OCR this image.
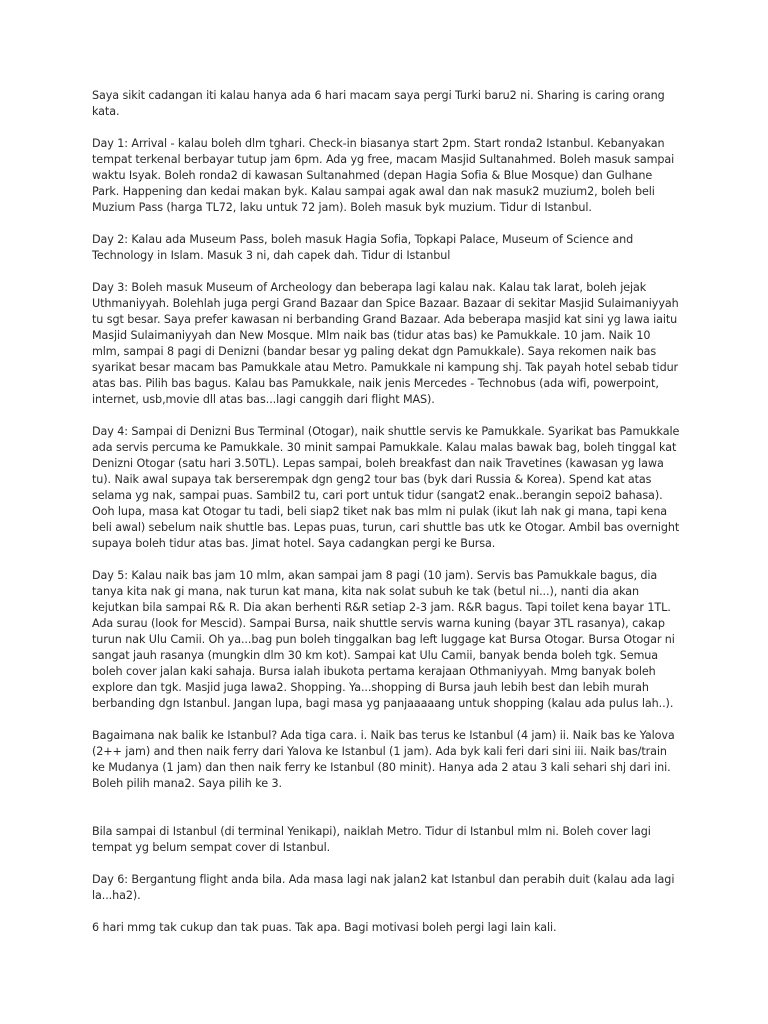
Saya sikit cadangan iti kalau hanya ada 6 hari macam saya pergi Turki baru2 ni. Sharing is caring orang kata.

Day 1: Arrival - kalau boleh dlm tghari. Check-in biasanya start 2pm. Start ronda2 Istanbul. Kebanyakan tempat terkenal berbayar tutup jam 6pm. Ada yg free, macam Masjid Sultanahmed. Boleh masuk sampai waktu Isyak. Boleh ronda2 di kawasan Sultanahmed (depan Hagia Sofia & Blue Mosque) dan Gulhane Park. Happening dan kedai makan byk. Kalau sampai agak awal dan nak masuk2 muzium2, boleh beli Muzium Pass (harga TL72, laku untuk 72 jam). Boleh masuk byk muzium. Tidur di Istanbul.

Day 2: Kalau ada Museum Pass, boleh masuk Hagia Sofia, Topkapi Palace, Museum of Science and Technology in Islam. Masuk 3 ni, dah capek dah. Tidur di Istanbul

Day 3: Boleh masuk Museum of Archeology dan beberapa lagi kalau nak. Kalau tak larat, boleh jejak Uthmaniyyah. Bolehlah juga pergi Grand Bazaar dan Spice Bazaar. Bazaar di sekitar Masjid Sulaimaniyyah tu sgt besar. Saya prefer kawasan ni berbanding Grand Bazaar. Ada beberapa masjid kat sini yg lawa iaitu Masjid Sulaimaniyyah dan New Mosque. Mlm naik bas (tidur atas bas) ke Pamukkale. 10 jam. Naik 10 mlm, sampai 8 pagi di Denizni (bandar besar yg paling dekat dgn Pamukkale). Saya rekomen naik bas syarikat besar macam bas Pamukkale atau Metro. Pamukkale ni kampung shj. Tak payah hotel sebab tidur atas bas. Pilih bas bagus. Kalau bas Pamukkale, naik jenis Mercedes - Technobus (ada wifi, powerpoint, internet, usb,movie dll atas bas...lagi canggih dari flight MAS).

Day 4: Sampai di Denizni Bus Terminal (Otogar), naik shuttle servis ke Pamukkale. Syarikat bas Pamukkale ada servis percuma ke Pamukkale. 30 minit sampai Pamukkale. Kalau malas bawak bag, boleh tinggal kat Denizni Otogar (satu hari 3.50TL). Lepas sampai, boleh breakfast dan naik Travetines (kawasan yg lawa tu). Naik awal supaya tak berserempak dgn geng2 tour bas (byk dari Russia & Korea). Spend kat atas selama yg nak, sampai puas. Sambil2 tu, cari port untuk tidur (sangat2 enak..berangin sepoi2 bahasa). Ooh lupa, masa kat Otogar tu tadi, beli siap2 tiket nak bas mlm ni pulak (ikut lah nak gi mana, tapi kena beli awal) sebelum naik shuttle bas. Lepas puas, turun, cari shuttle bas utk ke Otogar. Ambil bas overnight supaya boleh tidur atas bas. Jimat hotel. Saya cadangkan pergi ke Bursa.

Day 5: Kalau naik bas jam 10 mlm, akan sampai jam 8 pagi (10 jam). Servis bas Pamukkale bagus, dia tanya kita nak gi mana, nak turun kat mana, kita nak solat subuh ke tak (betul ni...), nanti dia akan kejutkan bila sampai R& R. Dia akan berhenti R&R setiap 2-3 jam. R&R bagus. Tapi toilet kena bayar 1TL. Ada surau (look for Mescid). Sampai Bursa, naik shuttle servis warna kuning (bayar 3TL rasanya), cakap turun nak Ulu Camii. Oh ya...bag pun boleh tinggalkan bag left luggage kat Bursa Otogar. Bursa Otogar ni sangat jauh rasanya (mungkin dlm 30 km kot). Sampai kat Ulu Camii, banyak benda boleh tgk. Semua boleh cover jalan kaki sahaja. Bursa ialah ibukota pertama kerajaan Othmaniyyah. Mmg banyak boleh explore dan tgk. Masjid juga lawa2. Shopping. Ya...shopping di Bursa jauh lebih best dan lebih murah berbanding dgn Istanbul. Jangan lupa, bagi masa yg panjaaaaang untuk shopping (kalau ada pulus lah..).

Bagaimana nak balik ke Istanbul? Ada tiga cara. i. Naik bas terus ke Istanbul (4 jam) ii. Naik bas ke Yalova (2++ jam) and then naik ferry dari Yalova ke Istanbul (1 jam). Ada byk kali feri dari sini iii. Naik bas/train ke Mudanya (1 jam) dan then naik ferry ke Istanbul (80 minit). Hanya ada 2 atau 3 kali sehari shj dari ini. Boleh pilih mana2. Saya pilih ke 3.

Bila sampai di Istanbul (di terminal Yenikapi), naiklah Metro. Tidur di Istanbul mlm ni. Boleh cover lagi tempat yg belum sempat cover di Istanbul.

Day 6: Bergantung flight anda bila. Ada masa lagi nak jalan2 kat Istanbul dan perabih duit (kalau ada lagi la...ha2).

6 hari mmg tak cukup dan tak puas. Tak apa. Bagi motivasi boleh pergi lagi lain kali.
